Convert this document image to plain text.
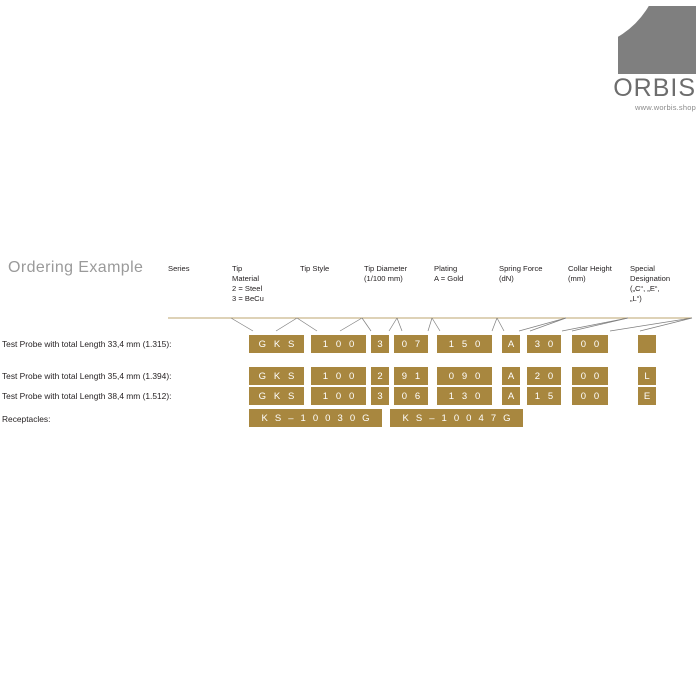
ORBIS
www.worbis.shop
Ordering Example	Series	Tip
Material
2 = Steel
3 = BeCu
Tip Style	Tip Diameter
(1/100 mm)
Plating
A = Gold
Spring Force
(dN)
Collar Height
(mm)
Special
Designation
(„C“, „E“,
„L“)
Test Probe with total Length 33,4 mm (1.315):	G K S	1 0 0	3	0 7	1 5 0	A	3 0	0 0
Test Probe with total Length 35,4 mm (1.394):	G K S	1 0 0	2	9 1	0 9 0	A	2 0	0 0	L
Test Probe with total Length 38,4 mm (1.512):	G K S	1 0 0	3	0 6	1 3 0	A	1 5	0 0	E
Receptacles:	K S – 1 0 0 3 0 G	K S – 1 0 0 4 7 G
